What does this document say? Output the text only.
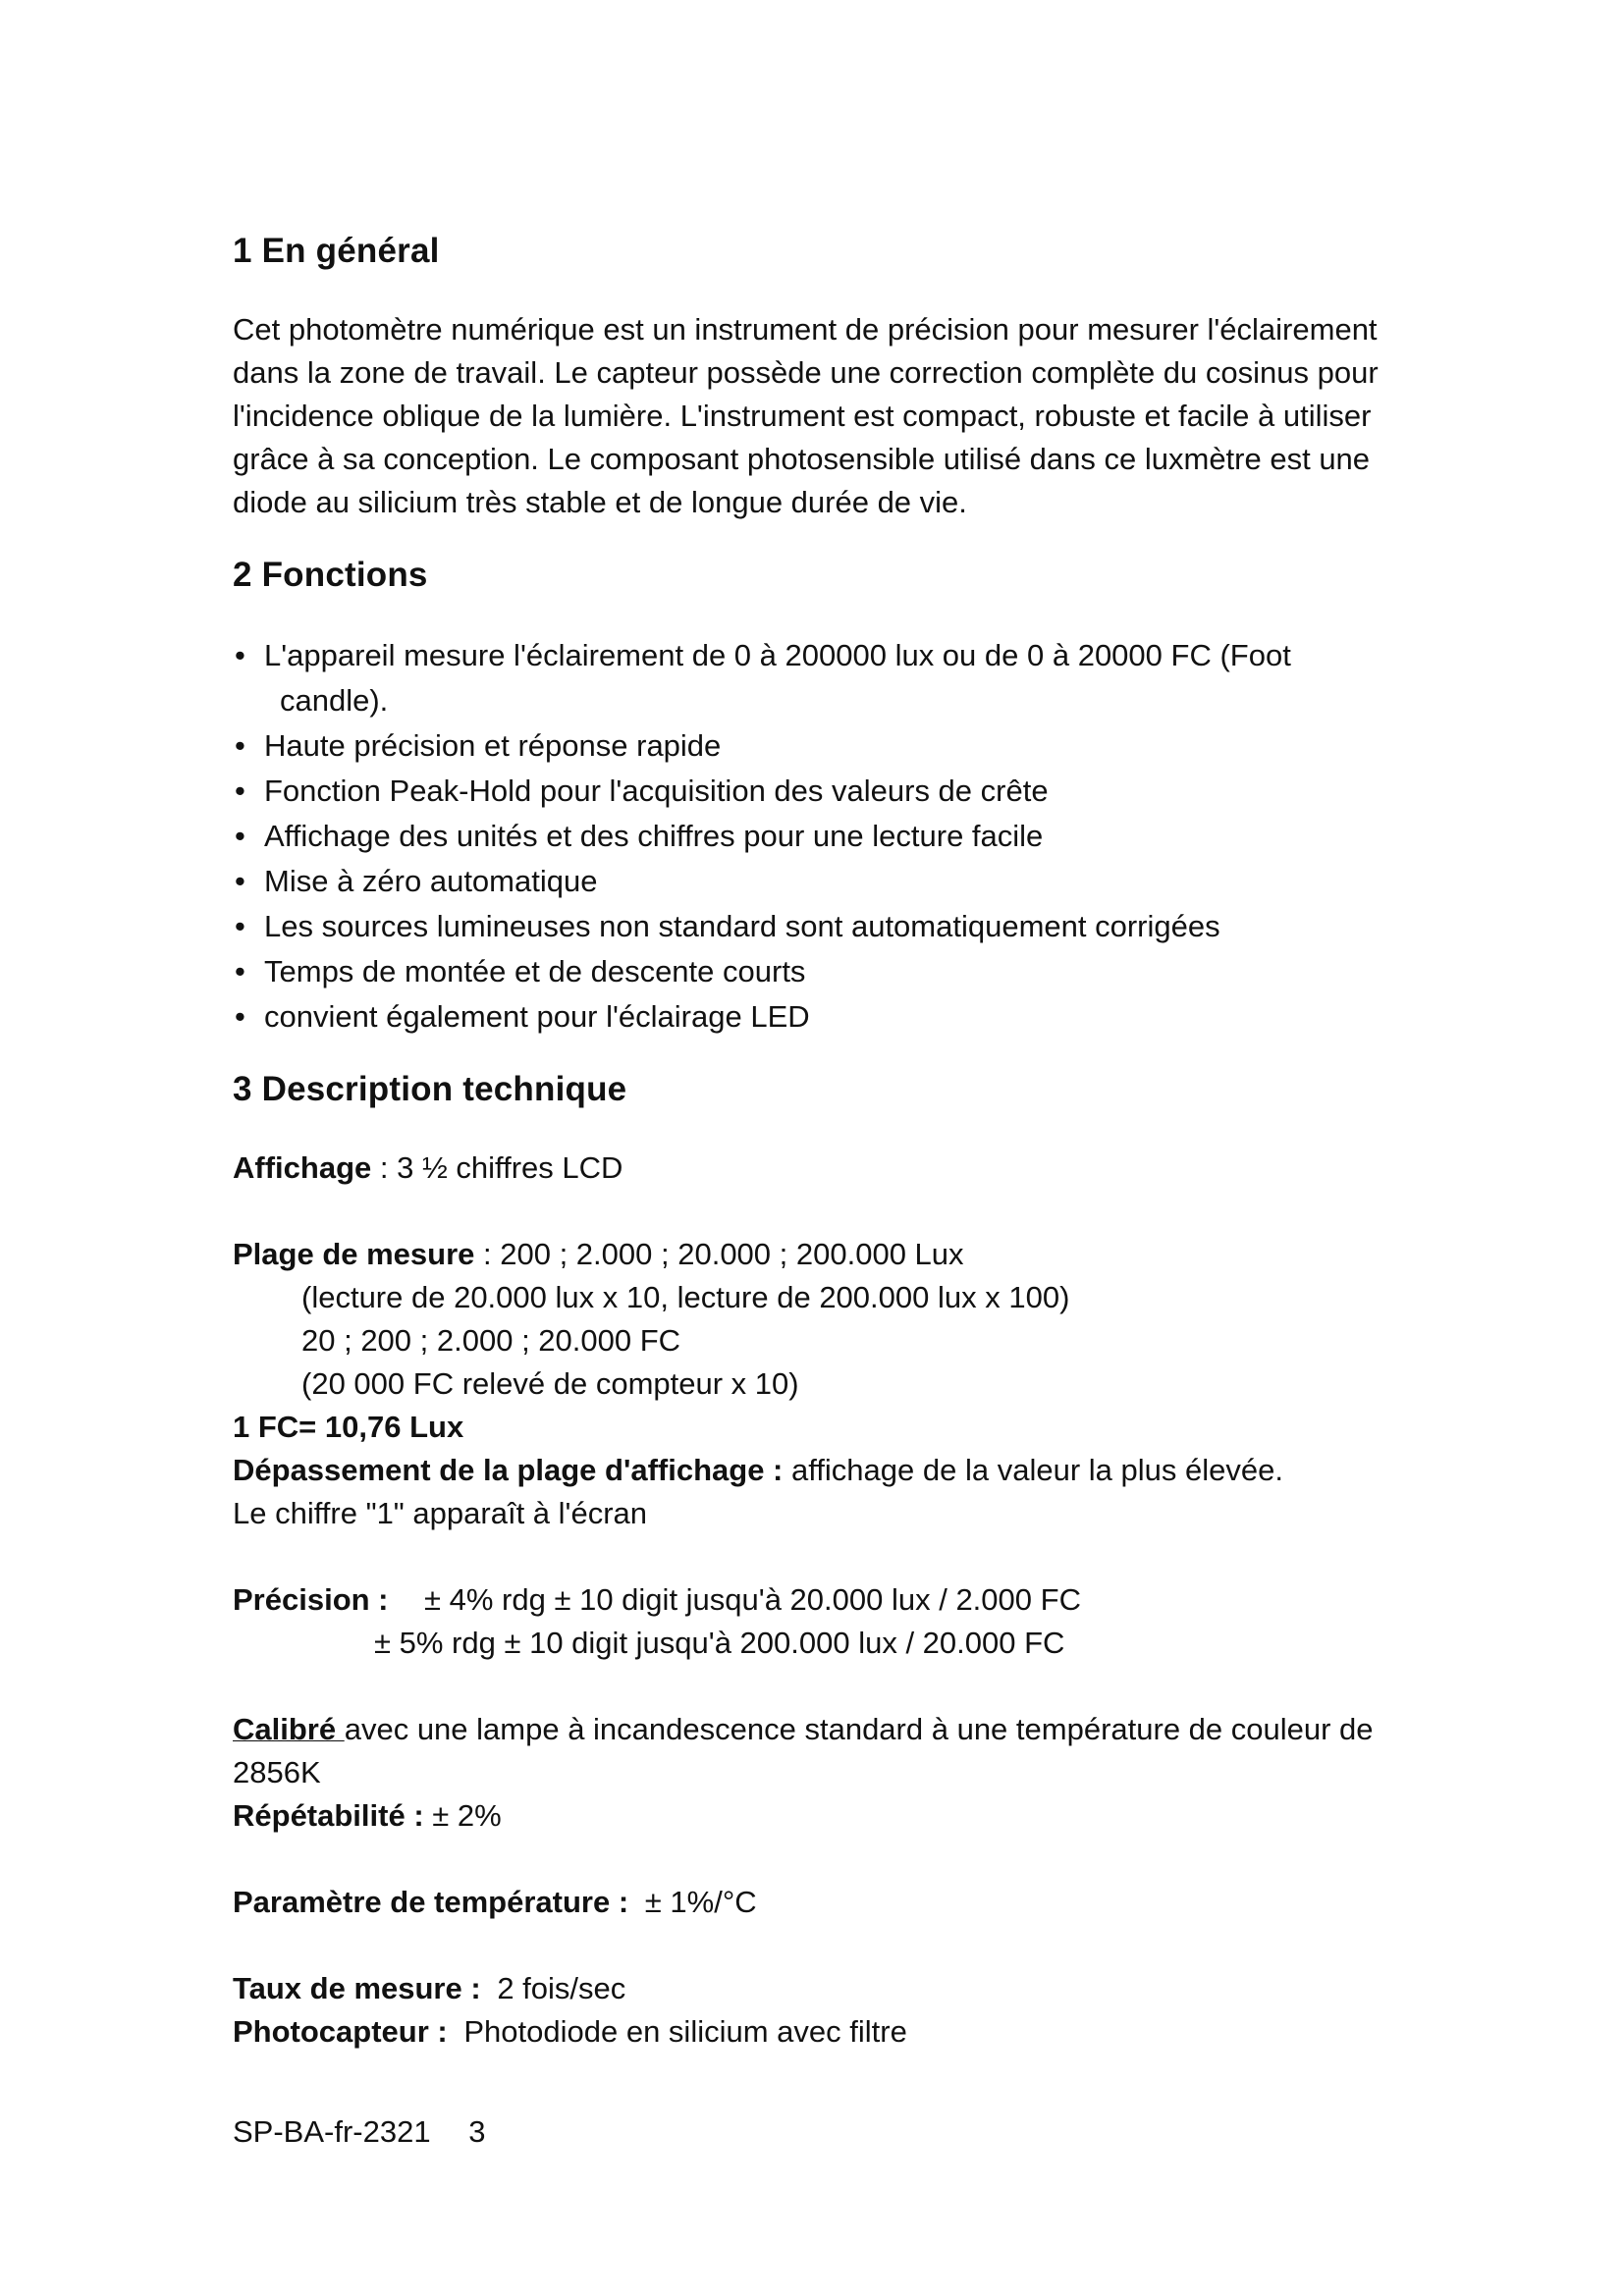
1 En général
Cet photomètre numérique est un instrument de précision pour mesurer l'éclairement
dans la zone de travail. Le capteur possède une correction complète du cosinus pour
l'incidence oblique de la lumière. L'instrument est compact, robuste et facile à utiliser
grâce à sa conception. Le composant photosensible utilisé dans ce luxmètre est une
diode au silicium très stable et de longue durée de vie.
2 Fonctions
• L'appareil mesure l'éclairement de 0 à 200000 lux ou de 0 à 20000 FC (Foot
candle).
• Haute précision et réponse rapide
• Fonction Peak-Hold pour l'acquisition des valeurs de crête
• Affichage des unités et des chiffres pour une lecture facile
• Mise à zéro automatique
• Les sources lumineuses non standard sont automatiquement corrigées
• Temps de montée et de descente courts
• convient également pour l'éclairage LED
3 Description technique
Affichage : 3 ½ chiffres LCD
Plage de mesure : 200 ; 2.000 ; 20.000 ; 200.000 Lux
(lecture de 20.000 lux x 10, lecture de 200.000 lux x 100)
20 ; 200 ; 2.000 ; 20.000 FC
(20 000 FC relevé de compteur x 10)
1 FC= 10,76 Lux
Dépassement de la plage d'affichage : affichage de la valeur la plus élevée.
Le chiffre "1" apparaît à l'écran
Précision : ± 4% rdg ± 10 digit jusqu'à 20.000 lux / 2.000 FC
± 5% rdg ± 10 digit jusqu'à 200.000 lux / 20.000 FC
Calibré avec une lampe à incandescence standard à une température de couleur de
2856K
Répétabilité : ± 2%
Paramètre de température : ± 1%/°C
Taux de mesure : 2 fois/sec
Photocapteur : Photodiode en silicium avec filtre
SP-BA-fr-2321 3
